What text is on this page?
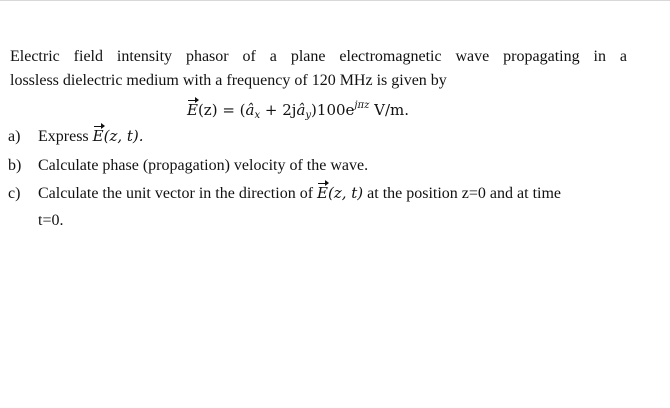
Electric field intensity phasor of a plane electromagnetic wave propagating in a
lossless dielectric medium with a frequency of 120 MHz is given by
$E(z) = (â_x$ + $2jâ_y)100e^{j\pi z}$ V/m.
a) Express E(z, t).
b) Calculate phase (propagation) velocity of the wave.
c) Calculate the unit vector in the direction of E(z, t) at the position z=0 and at time
t=0.
